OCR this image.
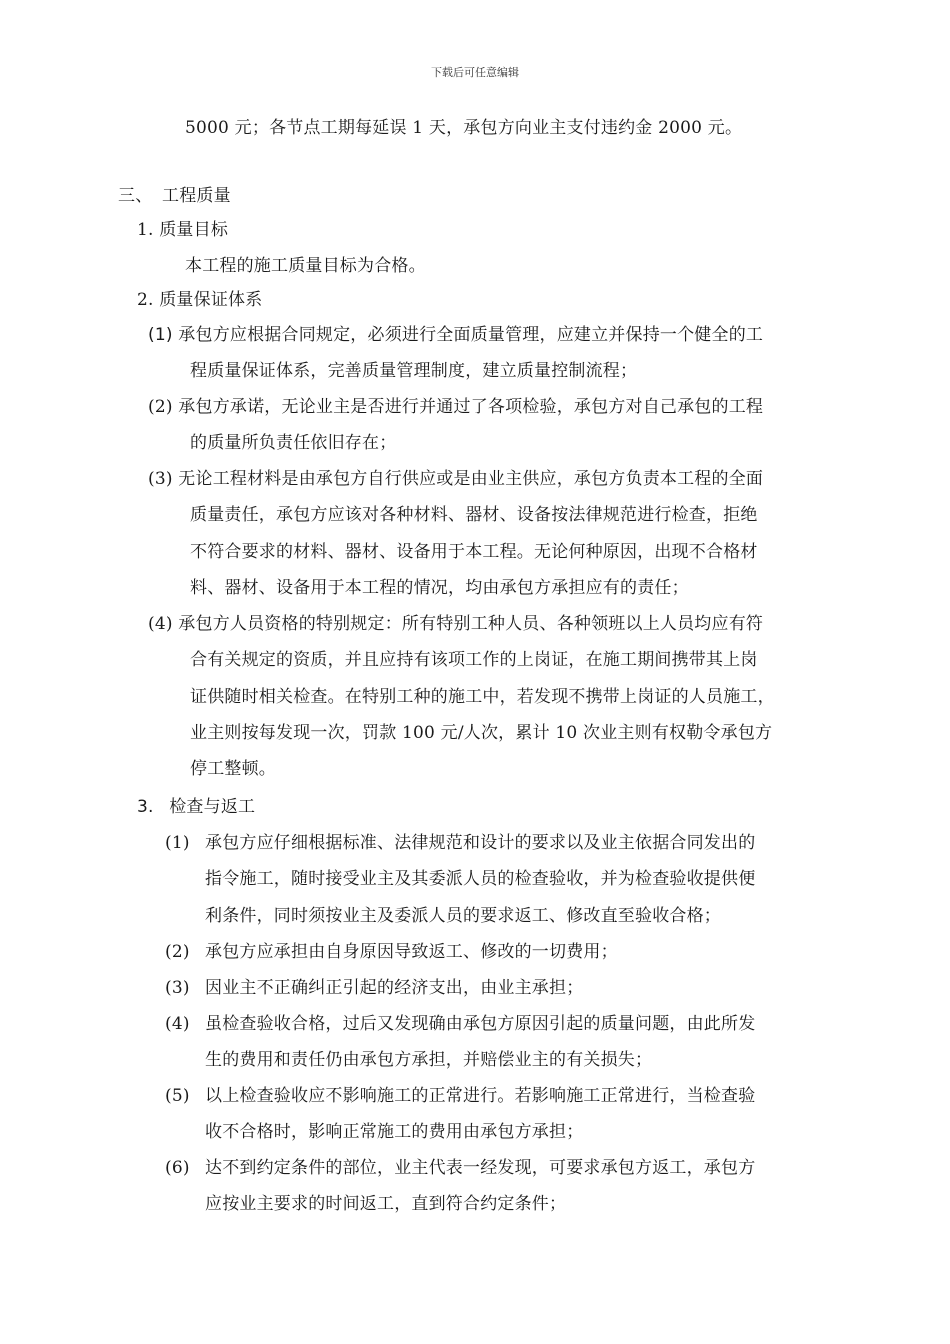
下载后可任意编辑
5000 元；各节点工期每延误 1 天，承包方向业主支付违约金 2000 元。
三、 工程质量
1. 质量目标
本工程的施工质量目标为合格。
2. 质量保证体系
(1) 承包方应根据合同规定，必须进行全面质量管理，应建立并保持一个健全的工
程质量保证体系，完善质量管理制度，建立质量控制流程；
(2) 承包方承诺，无论业主是否进行并通过了各项检验，承包方对自己承包的工程
的质量所负责任依旧存在；
(3) 无论工程材料是由承包方自行供应或是由业主供应，承包方负责本工程的全面
质量责任，承包方应该对各种材料、器材、设备按法律规范进行检查，拒绝
不符合要求的材料、器材、设备用于本工程。无论何种原因，出现不合格材
料、器材、设备用于本工程的情况，均由承包方承担应有的责任；
(4) 承包方人员资格的特别规定：所有特别工种人员、各种领班以上人员均应有符
合有关规定的资质，并且应持有该项工作的上岗证，在施工期间携带其上岗
证供随时相关检查。在特别工种的施工中，若发现不携带上岗证的人员施工，
业主则按每发现一次，罚款 100 元/人次，累计 10 次业主则有权勒令承包方
停工整顿。
3. 检查与返工
(1) 承包方应仔细根据标准、法律规范和设计的要求以及业主依据合同发出的
指令施工，随时接受业主及其委派人员的检查验收，并为检查验收提供便
利条件，同时须按业主及委派人员的要求返工、修改直至验收合格；
(2) 承包方应承担由自身原因导致返工、修改的一切费用；
(3) 因业主不正确纠正引起的经济支出，由业主承担；
(4) 虽检查验收合格，过后又发现确由承包方原因引起的质量问题，由此所发
生的费用和责任仍由承包方承担，并赔偿业主的有关损失；
(5) 以上检查验收应不影响施工的正常进行。若影响施工正常进行，当检查验
收不合格时，影响正常施工的费用由承包方承担；
(6) 达不到约定条件的部位，业主代表一经发现，可要求承包方返工，承包方
应按业主要求的时间返工，直到符合约定条件；
